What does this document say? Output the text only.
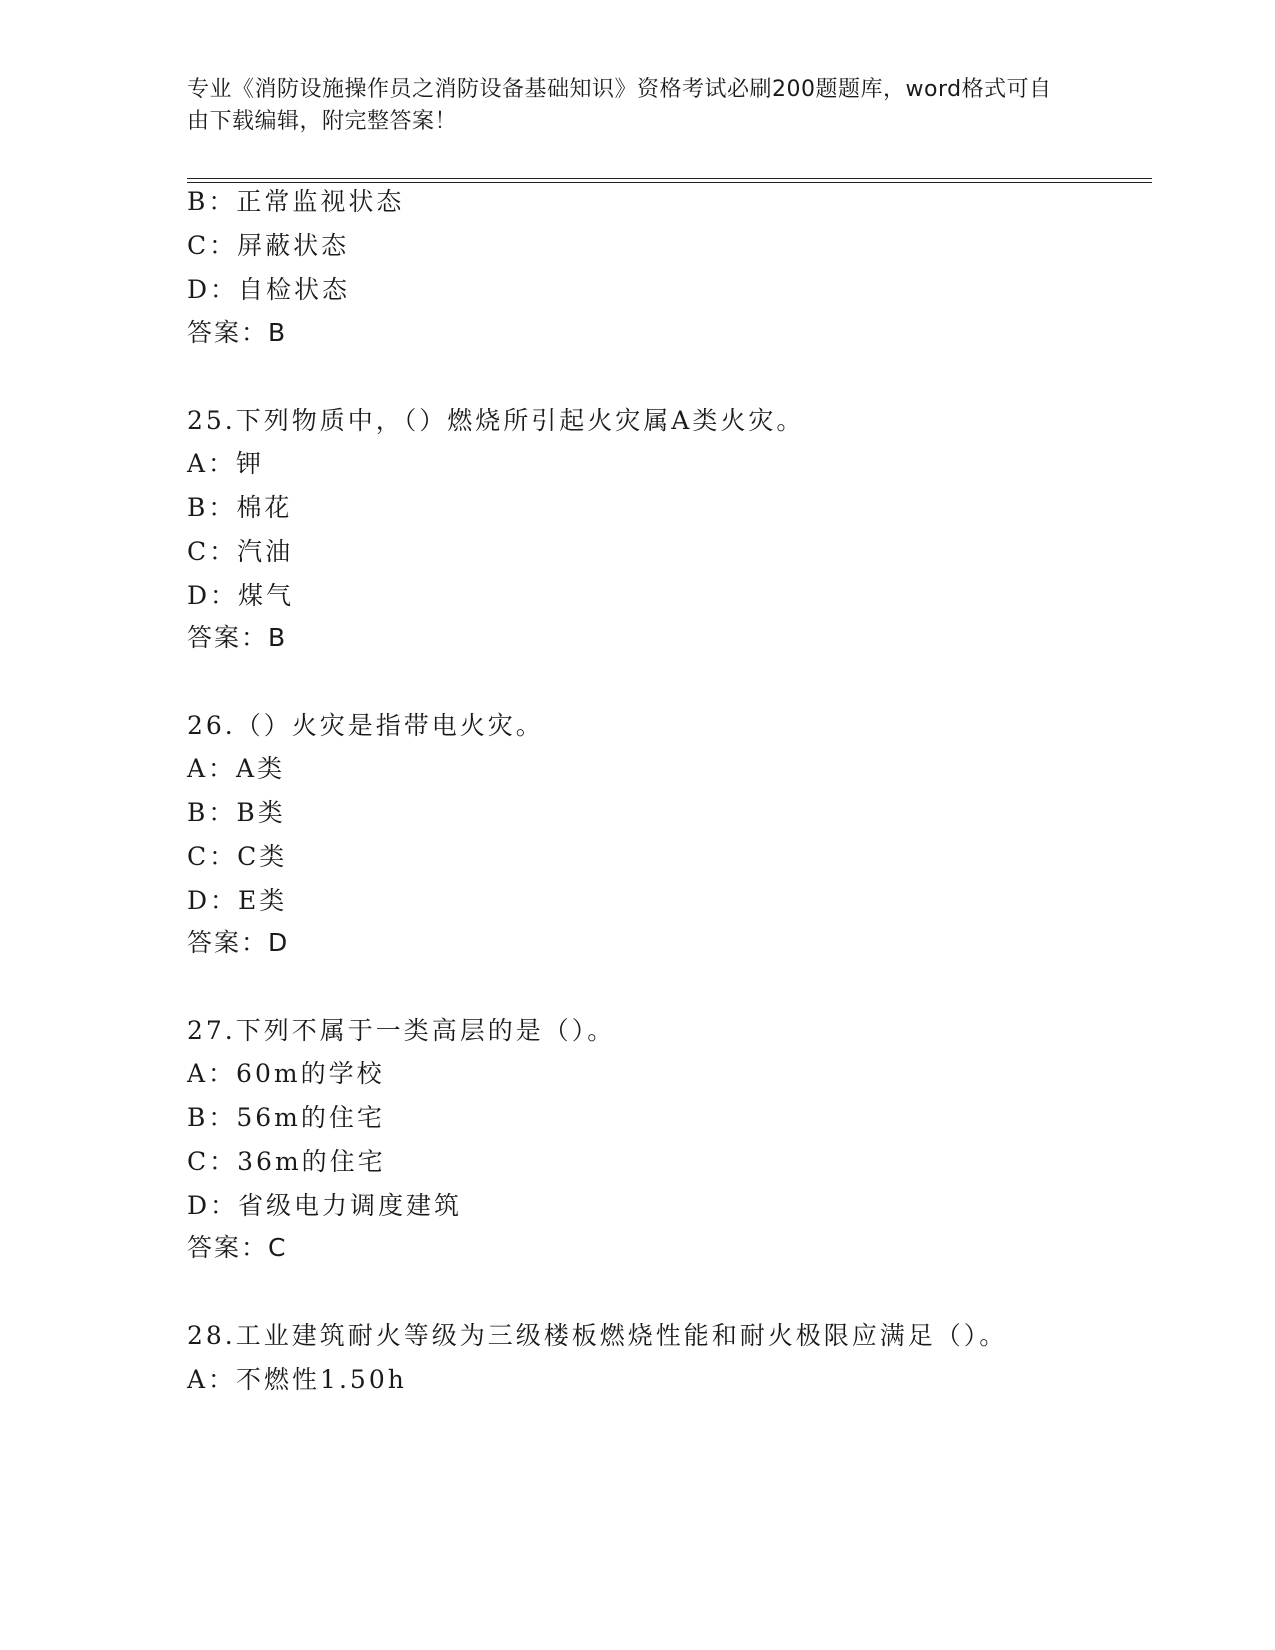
专业《消防设施操作员之消防设备基础知识》资格考试必刷200题题库，word格式可自由下载编辑，附完整答案！
B：正常监视状态
C：屏蔽状态
D：自检状态
答案：B
25.下列物质中，（）燃烧所引起火灾属A类火灾。
A：钾
B：棉花
C：汽油
D：煤气
答案：B
26.（）火灾是指带电火灾。
A：A类
B：B类
C：C类
D：E类
答案：D
27.下列不属于一类高层的是（）。
A：60m的学校
B：56m的住宅
C：36m的住宅
D：省级电力调度建筑
答案：C
28.工业建筑耐火等级为三级楼板燃烧性能和耐火极限应满足（）。
A：不燃性1.50h
